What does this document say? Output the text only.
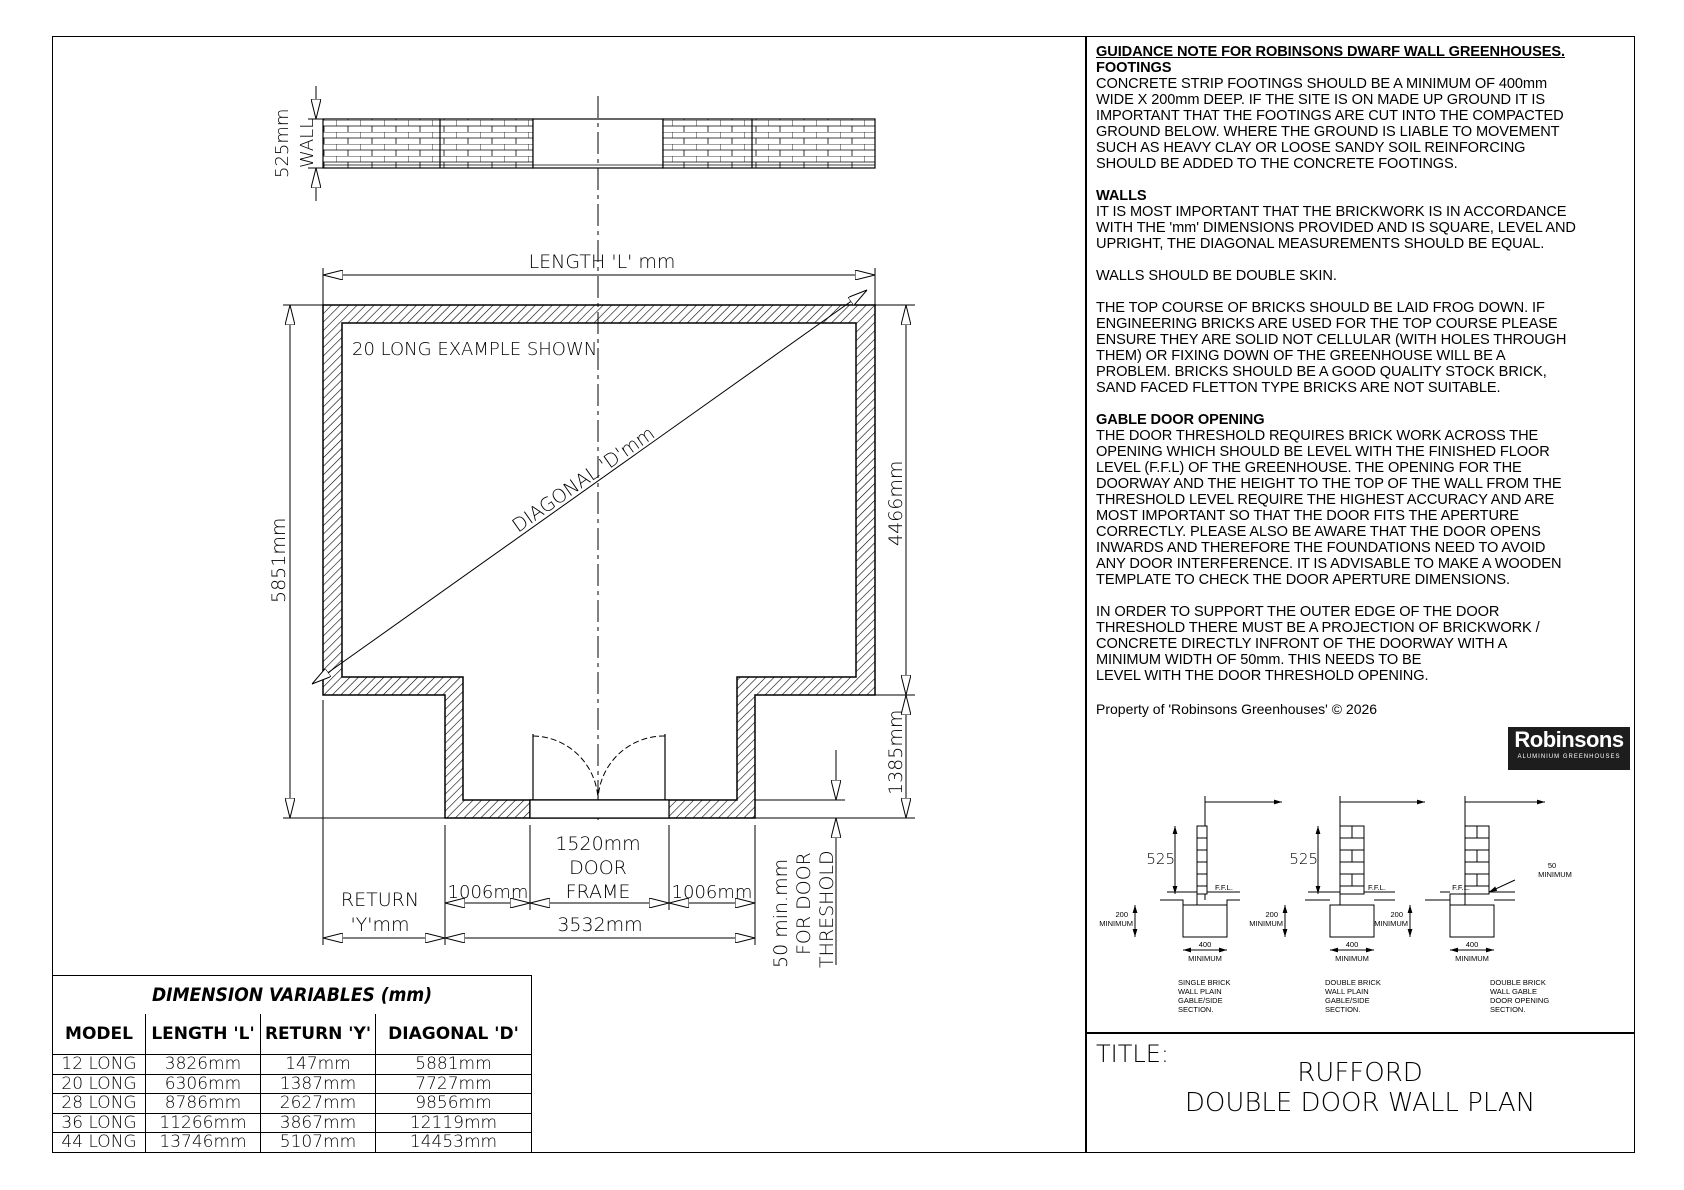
525mm WALL
DIAGONAL 'D'mm
LENGTH 'L' mm
20 LONG EXAMPLE SHOWN
5851mm
4466mm
1385mm
50 min.mm FOR DOOR THRESHOLD
1520mm
DOOR
FRAME
1006mm	1006mm
RETURN
'Y'mm	3532mm
525	525
F.F.L.	F.F.L.	F.F.L.
200
MINIMUM
200
MINIMUM
200
MINIMUM
400
MINIMUM
400
MINIMUM
400
MINIMUM
50
MINIMUM
SINGLE BRICK
WALL PLAIN
GABLE/SIDE
SECTION.
DOUBLE BRICK
WALL PLAIN
GABLE/SIDE
SECTION.
DOUBLE BRICK
WALL GABLE
DOOR OPENING
SECTION.
GUIDANCE NOTE FOR ROBINSONS DWARF WALL GREENHOUSES.

FOOTINGS
CONCRETE STRIP FOOTINGS SHOULD BE A MINIMUM OF 400mm
WIDE X 200mm DEEP. IF THE SITE IS ON MADE UP GROUND IT IS
IMPORTANT THAT THE FOOTINGS ARE CUT INTO THE COMPACTED
GROUND BELOW. WHERE THE GROUND IS LIABLE TO MOVEMENT
SUCH AS HEAVY CLAY OR LOOSE SANDY SOIL REINFORCING
SHOULD BE ADDED TO THE CONCRETE FOOTINGS.

WALLS
IT IS MOST IMPORTANT THAT THE BRICKWORK IS IN ACCORDANCE
WITH THE 'mm' DIMENSIONS PROVIDED AND IS SQUARE, LEVEL AND
UPRIGHT, THE DIAGONAL MEASUREMENTS SHOULD BE EQUAL.

WALLS SHOULD BE DOUBLE SKIN.

THE TOP COURSE OF BRICKS SHOULD BE LAID FROG DOWN. IF
ENGINEERING BRICKS ARE USED FOR THE TOP COURSE PLEASE
ENSURE THEY ARE SOLID NOT CELLULAR (WITH HOLES THROUGH
THEM) OR FIXING DOWN OF THE GREENHOUSE WILL BE A
PROBLEM. BRICKS SHOULD BE A GOOD QUALITY STOCK BRICK,
SAND FACED FLETTON TYPE BRICKS ARE NOT SUITABLE.

GABLE DOOR OPENING
THE DOOR THRESHOLD REQUIRES BRICK WORK ACROSS THE
OPENING WHICH SHOULD BE LEVEL WITH THE FINISHED FLOOR
LEVEL (F.F.L) OF THE GREENHOUSE. THE OPENING FOR THE
DOORWAY AND THE HEIGHT TO THE TOP OF THE WALL FROM THE
THRESHOLD LEVEL REQUIRE THE HIGHEST ACCURACY AND ARE
MOST IMPORTANT SO THAT THE DOOR FITS THE APERTURE
CORRECTLY. PLEASE ALSO BE AWARE THAT THE DOOR OPENS
INWARDS AND THEREFORE THE FOUNDATIONS NEED TO AVOID
ANY DOOR INTERFERENCE. IT IS ADVISABLE TO MAKE A WOODEN
TEMPLATE TO CHECK THE DOOR APERTURE DIMENSIONS.

IN ORDER TO SUPPORT THE OUTER EDGE OF THE DOOR
THRESHOLD THERE MUST BE A PROJECTION OF BRICKWORK /
CONCRETE DIRECTLY INFRONT OF THE DOORWAY WITH A
MINIMUM WIDTH OF 50mm. THIS NEEDS TO BE
LEVEL WITH THE DOOR THRESHOLD OPENING.

Property of 'Robinsons Greenhouses' © 2026
Robinsons
ALUMINIUM GREENHOUSES
TITLE:
RUFFORD
DOUBLE DOOR WALL PLAN
DIMENSION VARIABLES (mm)			
MODEL	LENGTH 'L'	RETURN 'Y'	DIAGONAL 'D'
12 LONG	3826mm	147mm	5881mm
20 LONG	6306mm	1387mm	7727mm
28 LONG	8786mm	2627mm	9856mm
36 LONG	11266mm	3867mm	12119mm
44 LONG	13746mm	5107mm	14453mm
